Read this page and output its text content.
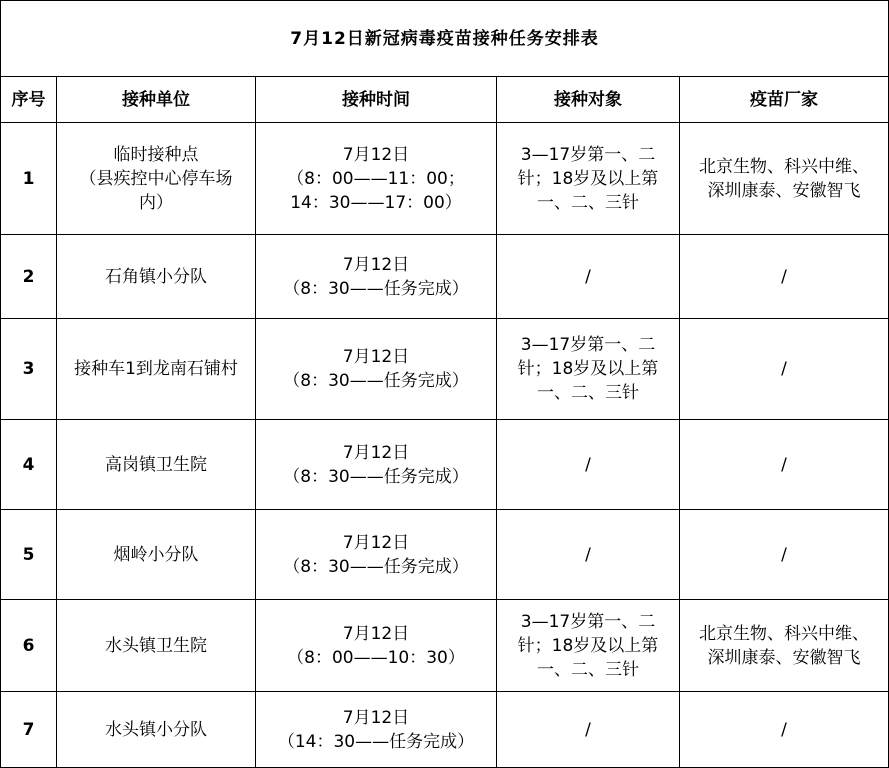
7月12日新冠病毒疫苗接种任务安排表				
序号	接种单位	接种时间	接种对象	疫苗厂家
1	临时接种点
（县疾控中心停车场
内）	7月12日
（8：00——11：00；
14：30——17：00）	3—17岁第一、二
针；18岁及以上第
一、二、三针	北京生物、科兴中维、
深圳康泰、安徽智飞

2	石角镇小分队	7月12日
（8：30——任务完成）	/	/

3	接种车1到龙南石铺村	7月12日
（8：30——任务完成）	3—17岁第一、二
针；18岁及以上第
一、二、三针	/

4	高岗镇卫生院	7月12日
（8：30——任务完成）	/	/

5	烟岭小分队	7月12日
（8：30——任务完成）	/	/

6	水头镇卫生院	7月12日
（8：00——10：30）	3—17岁第一、二
针；18岁及以上第
一、二、三针	北京生物、科兴中维、
深圳康泰、安徽智飞

7	水头镇小分队	7月12日
（14：30——任务完成）	/	/
